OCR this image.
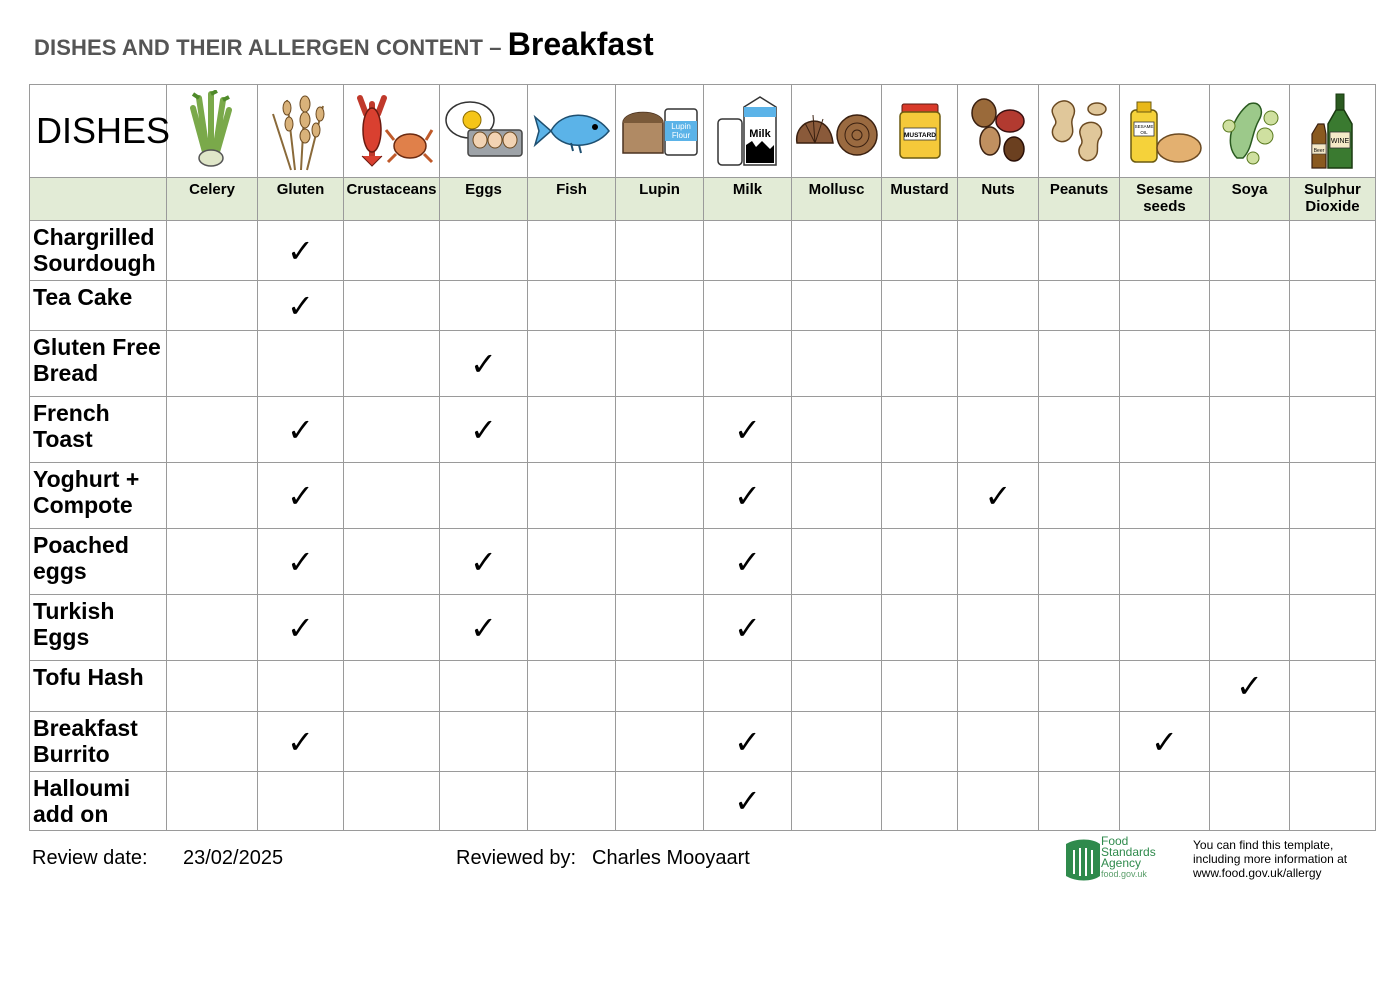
DISHES AND THEIR ALLERGEN CONTENT – Breakfast
DISHES						Lupin
Flour	Milk		MUSTARD			SESAME
OIL		WINE
Beer

	Celery	Gluten	Crustaceans	Eggs	Fish	Lupin	Milk	Mollusc	Mustard	Nuts	Peanuts	Sesame
seeds	Soya	Sulphur
Dioxide
Chargrilled Sourdough		✓												
Tea Cake		✓												
Gluten Free Bread				✓										
French Toast		✓		✓			✓							
Yoghurt + Compote		✓					✓			✓				
Poached eggs		✓		✓			✓							
Turkish Eggs		✓		✓			✓							
Tofu Hash													✓	
Breakfast Burrito		✓					✓					✓		
Halloumi add on							✓							
Review date: 23/02/2025	Reviewed by: Charles Mooyaart
Food
Standards
Agency
food.gov.uk
You can find this template, including more information at www.food.gov.uk/allergy
